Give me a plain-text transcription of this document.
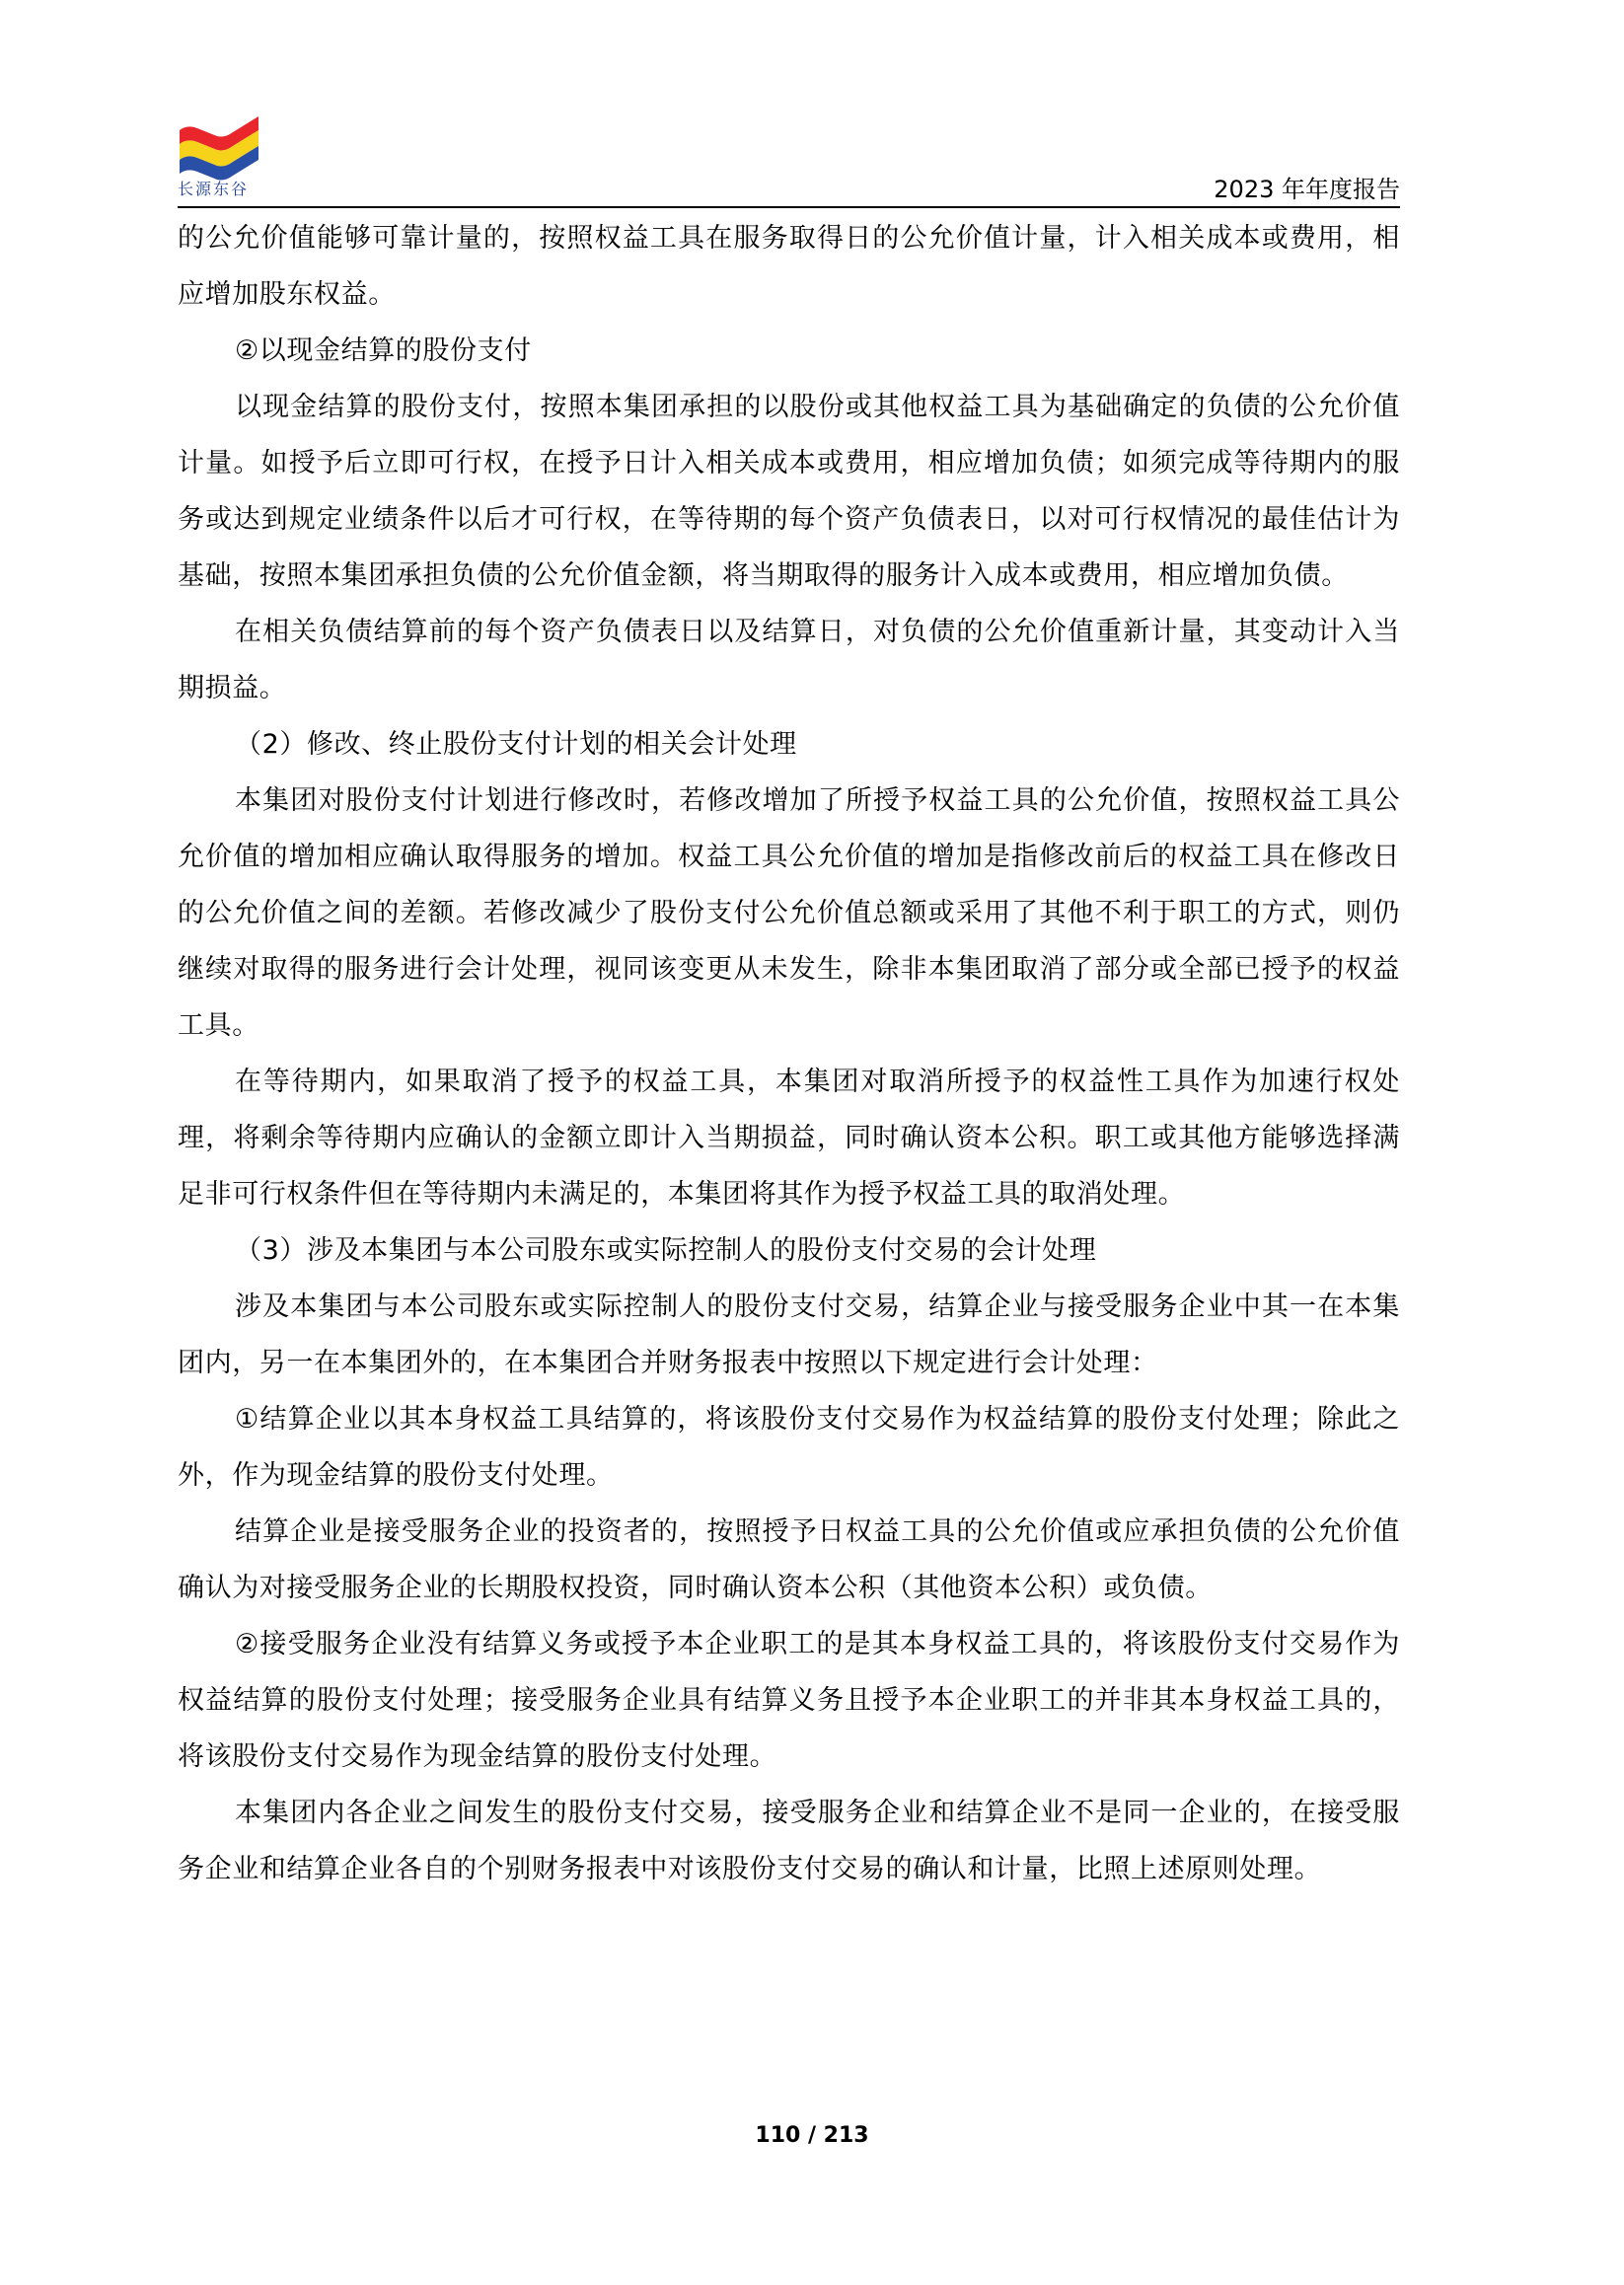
长源东谷	2023 年年度报告

的公允价值能够可靠计量的，按照权益工具在服务取得日的公允价值计量，计入相关成本或费用，相应增加股东权益。

②以现金结算的股份支付

以现金结算的股份支付，按照本集团承担的以股份或其他权益工具为基础确定的负债的公允价值计量。如授予后立即可行权，在授予日计入相关成本或费用，相应增加负债；如须完成等待期内的服务或达到规定业绩条件以后才可行权，在等待期的每个资产负债表日，以对可行权情况的最佳估计为基础，按照本集团承担负债的公允价值金额，将当期取得的服务计入成本或费用，相应增加负债。

在相关负债结算前的每个资产负债表日以及结算日，对负债的公允价值重新计量，其变动计入当期损益。

（2）修改、终止股份支付计划的相关会计处理

本集团对股份支付计划进行修改时，若修改增加了所授予权益工具的公允价值，按照权益工具公允价值的增加相应确认取得服务的增加。权益工具公允价值的增加是指修改前后的权益工具在修改日的公允价值之间的差额。若修改减少了股份支付公允价值总额或采用了其他不利于职工的方式，则仍继续对取得的服务进行会计处理，视同该变更从未发生，除非本集团取消了部分或全部已授予的权益工具。

在等待期内，如果取消了授予的权益工具，本集团对取消所授予的权益性工具作为加速行权处理，将剩余等待期内应确认的金额立即计入当期损益，同时确认资本公积。职工或其他方能够选择满足非可行权条件但在等待期内未满足的，本集团将其作为授予权益工具的取消处理。

（3）涉及本集团与本公司股东或实际控制人的股份支付交易的会计处理

涉及本集团与本公司股东或实际控制人的股份支付交易，结算企业与接受服务企业中其一在本集团内，另一在本集团外的，在本集团合并财务报表中按照以下规定进行会计处理：

①结算企业以其本身权益工具结算的，将该股份支付交易作为权益结算的股份支付处理；除此之外，作为现金结算的股份支付处理。

结算企业是接受服务企业的投资者的，按照授予日权益工具的公允价值或应承担负债的公允价值确认为对接受服务企业的长期股权投资，同时确认资本公积（其他资本公积）或负债。

②接受服务企业没有结算义务或授予本企业职工的是其本身权益工具的，将该股份支付交易作为权益结算的股份支付处理；接受服务企业具有结算义务且授予本企业职工的并非其本身权益工具的，将该股份支付交易作为现金结算的股份支付处理。

本集团内各企业之间发生的股份支付交易，接受服务企业和结算企业不是同一企业的，在接受服务企业和结算企业各自的个别财务报表中对该股份支付交易的确认和计量，比照上述原则处理。

110 / 213
